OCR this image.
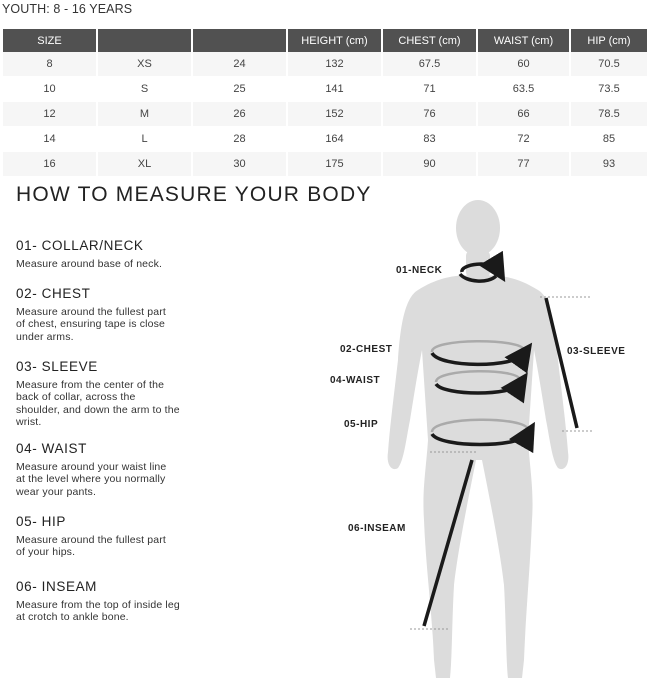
YOUTH: 8 - 16 YEARS
SIZE			HEIGHT (cm)	CHEST (cm)	WAIST (cm)	HIP (cm)
8	XS	24	132	67.5	60	70.5
10	S	25	141	71	63.5	73.5
12	M	26	152	76	66	78.5
14	L	28	164	83	72	85
16	XL	30	175	90	77	93
HOW TO MEASURE YOUR BODY
01- COLLAR/NECK
Measure around base of neck.
02- CHEST
Measure around the fullest part of chest, ensuring tape is close under arms.
03- SLEEVE
Measure from the center of the back of collar, across the shoulder, and down the arm to the wrist.
04- WAIST
Measure around your waist line at the level where you normally wear your pants.
05- HIP
Measure around the fullest part of your hips.
06- INSEAM
Measure from the top of inside leg at crotch to ankle bone.
01-NECK
02-CHEST	03-SLEEVE
04-WAIST
05-HIP
06-INSEAM
